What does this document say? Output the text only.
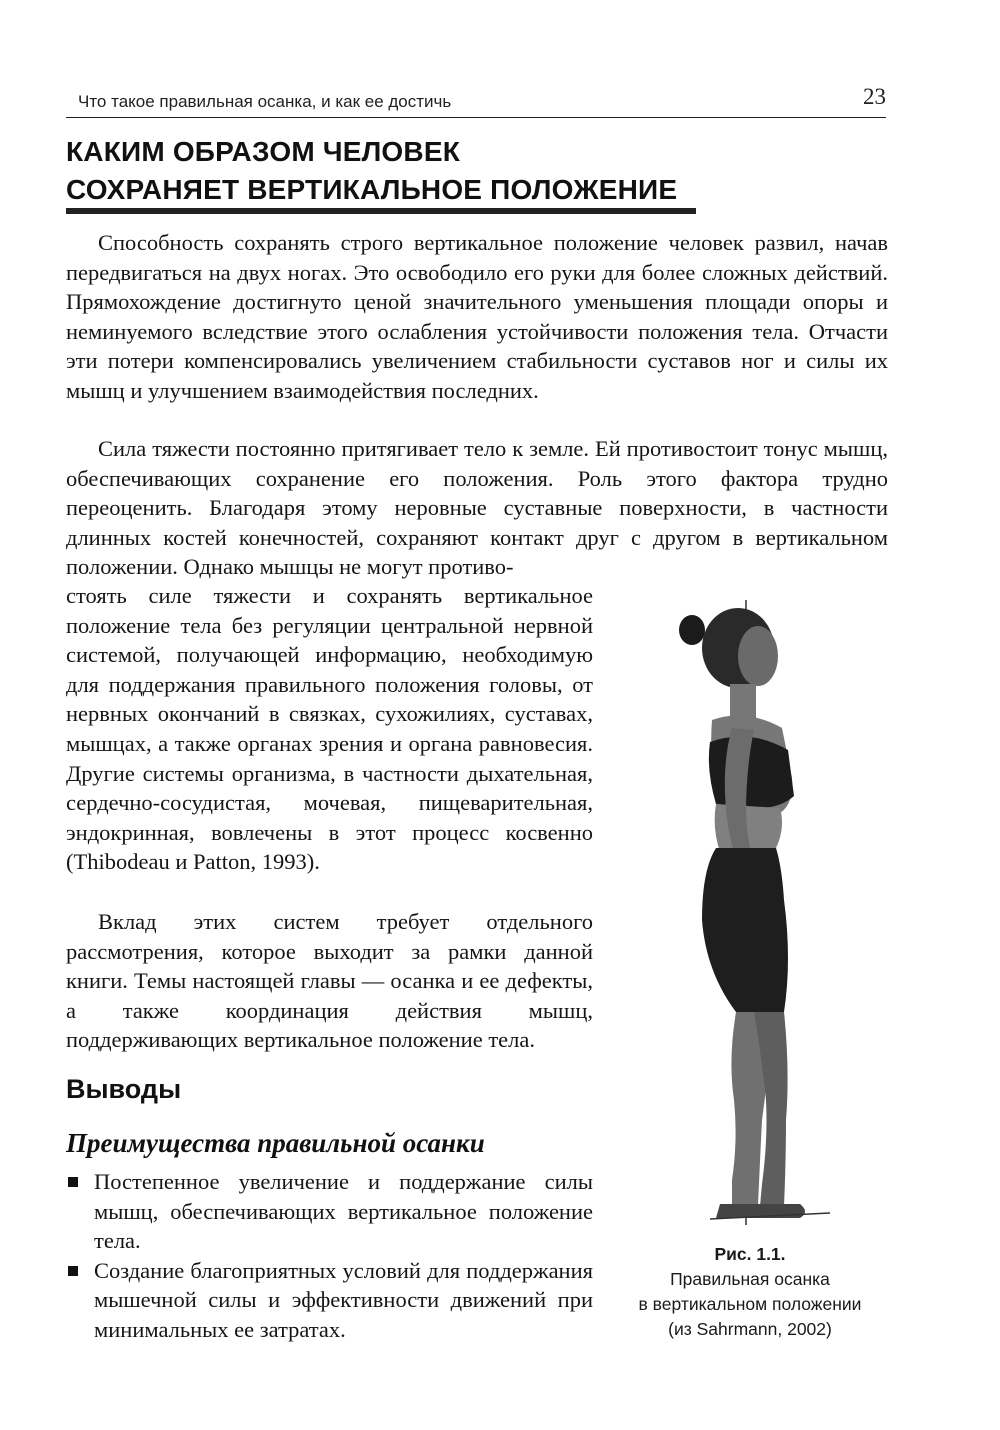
Что такое правильная осанка, и как ее достичь	23
КАКИМ ОБРАЗОМ ЧЕЛОВЕК
СОХРАНЯЕТ ВЕРТИКАЛЬНОЕ ПОЛОЖЕНИЕ

Способность сохранять строго вертикальное положение человек развил, начав передвигаться на двух ногах. Это освободило его руки для более сложных действий. Прямохождение достигнуто ценой значительного уменьшения площади опоры и неминуемого вследствие этого ослабления устойчивости положения тела. Отчасти эти потери компенсировались увеличением стабильности суставов ног и силы их мышц и улучшением взаимодействия последних.

Сила тяжести постоянно притягивает тело к земле. Ей противостоит тонус мышц, обеспечивающих сохранение его положения. Роль этого фактора трудно переоценить. Благодаря этому неровные суставные поверхности, в частности длинных костей конечностей, сохраняют контакт друг с другом в вертикальном положении. Однако мышцы не могут противо-

стоять силе тяжести и сохранять вертикальное положение тела без регуляции центральной нервной системой, получающей информацию, необходимую для поддержания правильного положения головы, от нервных окончаний в связках, сухожилиях, суставах, мышцах, а также органах зрения и органа равновесия. Другие системы организма, в частности дыхательная, сердечно-сосудистая, мочевая, пищеварительная, эндокринная, вовлечены в этот процесс косвенно (Thibodeau и Patton, 1993).

Вклад этих систем требует отдельного рассмотрения, которое выходит за рамки данной книги. Темы настоящей главы — осанка и ее дефекты, а также координация действия мышц, поддерживающих вертикальное положение тела.

Выводы
Преимущества правильной осанки
Постепенное увеличение и поддержание силы мышц, обеспечивающих вертикальное положение тела.
Создание благоприятных условий для поддержания мышечной силы и эффективности движений при минимальных ее затратах.
Рис. 1.1.
Правильная осанка
в вертикальном положении
(из Sahrmann, 2002)
